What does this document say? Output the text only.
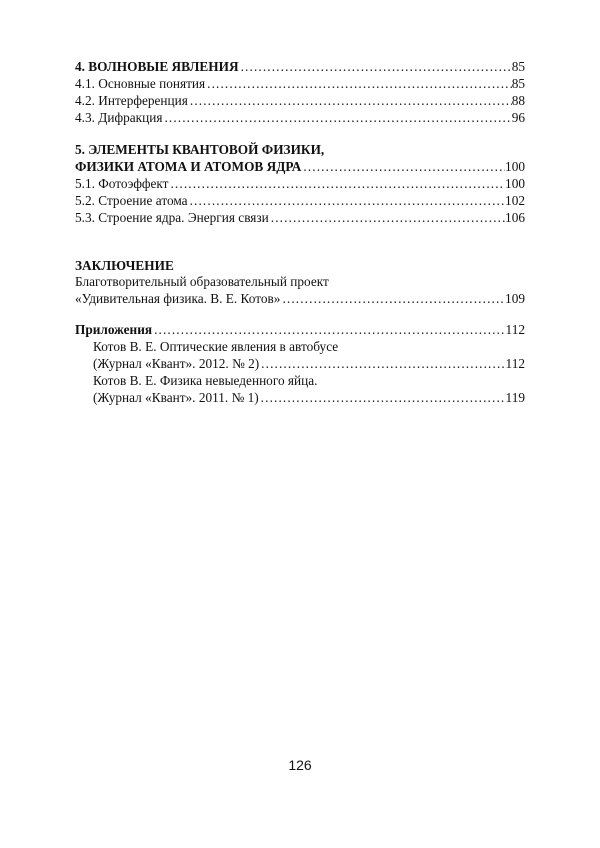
4. ВОЛНОВЫЕ ЯВЛЕНИЯ . . .	85
4.1. Основные понятия . . .	85
4.2. Интерференция . . .	88
4.3. Дифракция . . .	96
5. ЭЛЕМЕНТЫ КВАНТОВОЙ ФИЗИКИ,
ФИЗИКИ АТОМА И АТОМОВ ЯДРА . . .	100
5.1. Фотоэффект . . .	100
5.2. Строение атома . . .	102
5.3. Строение ядра. Энергия связи . . .	106
ЗАКЛЮЧЕНИЕ
Благотворительный образовательный проект
«Удивительная физика. В. Е. Котов» . . .	109
Приложения . . .	112
Котов В. Е. Оптические явления в автобусе
(Журнал «Квант». 2012. № 2) . . .	112
Котов В. Е. Физика невыеденного яйца.
(Журнал «Квант». 2011. № 1) . . .	119
126
